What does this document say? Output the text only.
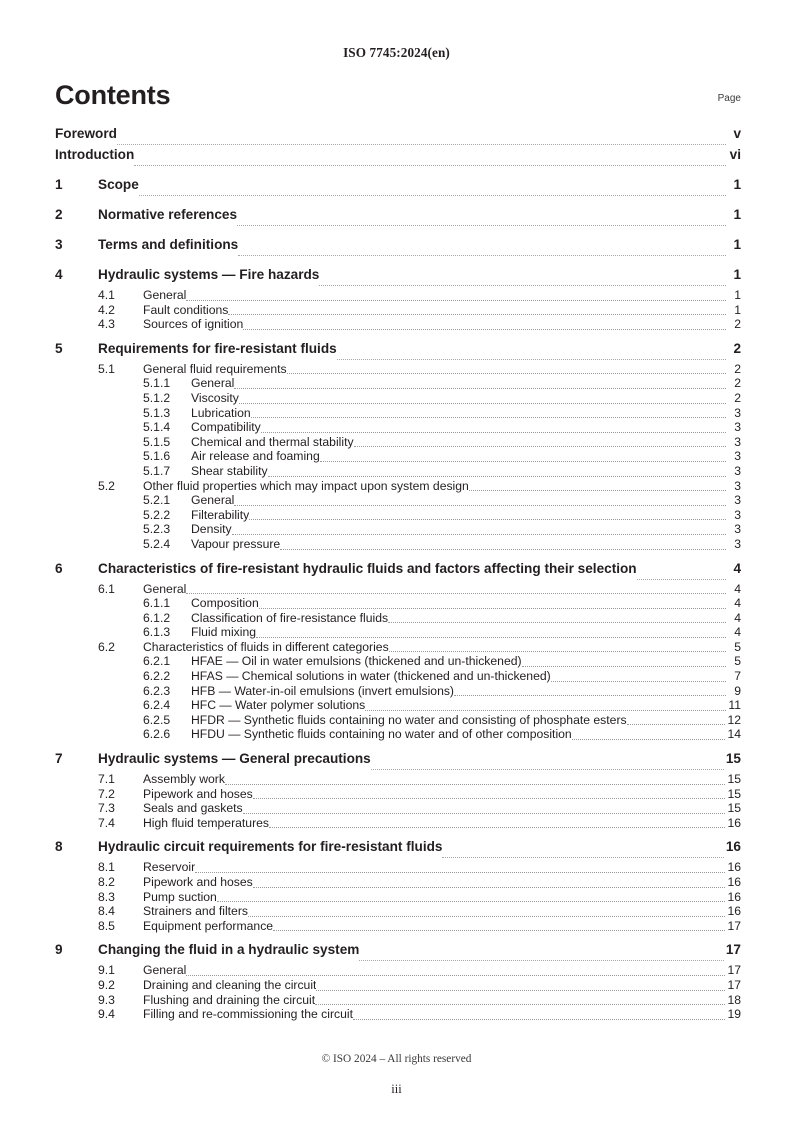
ISO 7745:2024(en)
Contents	Page
Foreword	v
Introduction	vi
1	Scope	1
2	Normative references	1
3	Terms and definitions	1
4	Hydraulic systems — Fire hazards	1
4.1	General	1
4.2	Fault conditions	1
4.3	Sources of ignition	2
5	Requirements for fire-resistant fluids	2
5.1	General fluid requirements	2
5.1.1	General	2
5.1.2	Viscosity	2
5.1.3	Lubrication	3
5.1.4	Compatibility	3
5.1.5	Chemical and thermal stability	3
5.1.6	Air release and foaming	3
5.1.7	Shear stability	3
5.2	Other fluid properties which may impact upon system design	3
5.2.1	General	3
5.2.2	Filterability	3
5.2.3	Density	3
5.2.4	Vapour pressure	3
6	Characteristics of fire-resistant hydraulic fluids and factors affecting their selection	4
6.1	General	4
6.1.1	Composition	4
6.1.2	Classification of fire-resistance fluids	4
6.1.3	Fluid mixing	4
6.2	Characteristics of fluids in different categories	5
6.2.1	HFAE — Oil in water emulsions (thickened and un-thickened)	5
6.2.2	HFAS — Chemical solutions in water (thickened and un-thickened)	7
6.2.3	HFB — Water-in-oil emulsions (invert emulsions)	9
6.2.4	HFC — Water polymer solutions	11
6.2.5	HFDR — Synthetic fluids containing no water and consisting of phosphate esters	12
6.2.6	HFDU — Synthetic fluids containing no water and of other composition	14
7	Hydraulic systems — General precautions	15
7.1	Assembly work	15
7.2	Pipework and hoses	15
7.3	Seals and gaskets	15
7.4	High fluid temperatures	16
8	Hydraulic circuit requirements for fire-resistant fluids	16
8.1	Reservoir	16
8.2	Pipework and hoses	16
8.3	Pump suction	16
8.4	Strainers and filters	16
8.5	Equipment performance	17
9	Changing the fluid in a hydraulic system	17
9.1	General	17
9.2	Draining and cleaning the circuit	17
9.3	Flushing and draining the circuit	18
9.4	Filling and re-commissioning the circuit	19
© ISO 2024 – All rights reserved
iii
